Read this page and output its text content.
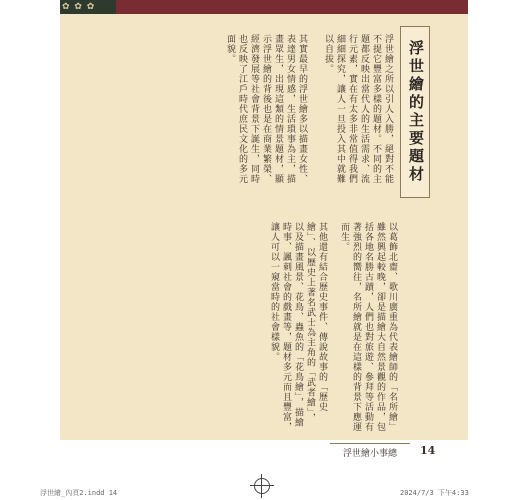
✿ ✿ ✿
浮世繪的主要題材
浮世繪之所以引人入勝，絕對不能不提它豐富多樣的題材。不同的主題都反映出當代人的生活需求、流行元素，實在有太多非常值得我們細細探究，讓人一旦投入其中就難以自拔。
其實最早的浮世繪多以描畫女性、表達男女情感，生活瑣事為主，描畫眾生，出現這類的情景題材，顯示浮世繪的背後也是在商業繁榮、經濟發展等社會背景下誕生，同時也反映了江戶時代庶民文化的多元面貌。
以葛飾北齋、歌川廣重為代表繪師的「名所繪」雖然興起較晚，卻是描繪大自然景觀的作品，包括各地名勝古蹟，人們也對旅遊、參拜等活動有著強烈的嚮往，名所繪就是在這樣的背景下應運而生。
其他還有結合歷史事件、傳說故事的「歷史繪」、以歷史上著名武士為主角的「武者繪」，以及描畫風景、花鳥、蟲魚的「花鳥繪」，描繪時事、諷刺社會的戲畫等，題材多元而且豐富，讓人可以一窺當時的社會樣貌。
浮世繪小事總 14
浮世繪_內頁2.indd 14	2024/7/3 下午4:33
